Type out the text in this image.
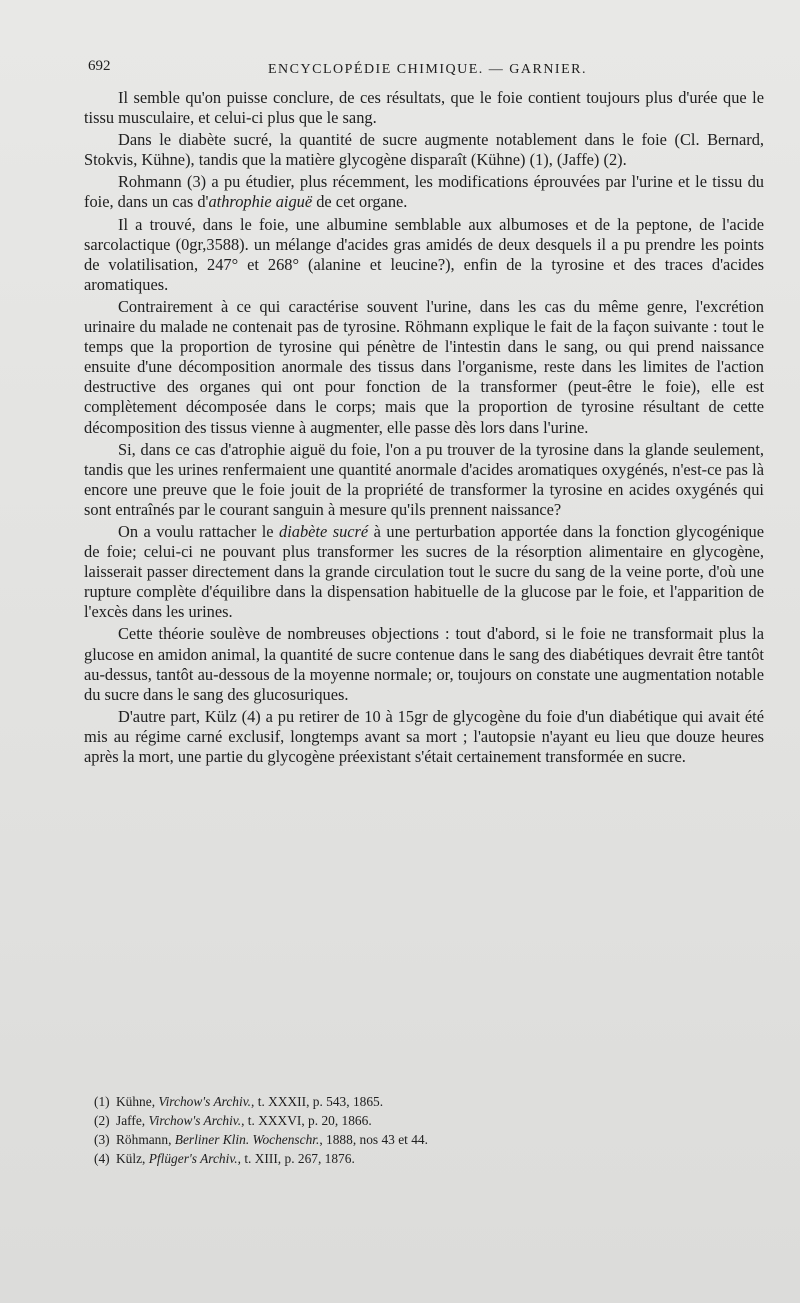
692	ENCYCLOPÉDIE CHIMIQUE. — GARNIER.

Il semble qu'on puisse conclure, de ces résultats, que le foie contient toujours plus d'urée que le tissu musculaire, et celui-ci plus que le sang.

Dans le diabète sucré, la quantité de sucre augmente notablement dans le foie (Cl. Bernard, Stokvis, Kühne), tandis que la matière glycogène disparaît (Kühne) (1), (Jaffe) (2).

Rohmann (3) a pu étudier, plus récemment, les modifications éprouvées par l'urine et le tissu du foie, dans un cas d'athrophie aiguë de cet organe.

Il a trouvé, dans le foie, une albumine semblable aux albumoses et de la peptone, de l'acide sarcolactique (0gr,3588). un mélange d'acides gras amidés de deux desquels il a pu prendre les points de volatilisation, 247° et 268° (alanine et leucine?), enfin de la tyrosine et des traces d'acides aromatiques.

Contrairement à ce qui caractérise souvent l'urine, dans les cas du même genre, l'excrétion urinaire du malade ne contenait pas de tyrosine. Röhmann explique le fait de la façon suivante : tout le temps que la proportion de tyrosine qui pénètre de l'intestin dans le sang, ou qui prend naissance ensuite d'une décomposition anormale des tissus dans l'organisme, reste dans les limites de l'action destructive des organes qui ont pour fonction de la transformer (peut-être le foie), elle est complètement décomposée dans le corps; mais que la proportion de tyrosine résultant de cette décomposition des tissus vienne à augmenter, elle passe dès lors dans l'urine.

Si, dans ce cas d'atrophie aiguë du foie, l'on a pu trouver de la tyrosine dans la glande seulement, tandis que les urines renfermaient une quantité anormale d'acides aromatiques oxygénés, n'est-ce pas là encore une preuve que le foie jouit de la propriété de transformer la tyrosine en acides oxygénés qui sont entraînés par le courant sanguin à mesure qu'ils prennent naissance?

On a voulu rattacher le diabète sucré à une perturbation apportée dans la fonction glycogénique de foie; celui-ci ne pouvant plus transformer les sucres de la résorption alimentaire en glycogène, laisserait passer directement dans la grande circulation tout le sucre du sang de la veine porte, d'où une rupture complète d'équilibre dans la dispensation habituelle de la glucose par le foie, et l'apparition de l'excès dans les urines.

Cette théorie soulève de nombreuses objections : tout d'abord, si le foie ne transformait plus la glucose en amidon animal, la quantité de sucre contenue dans le sang des diabétiques devrait être tantôt au-dessus, tantôt au-dessous de la moyenne normale; or, toujours on constate une augmentation notable du sucre dans le sang des glucosuriques.

D'autre part, Külz (4) a pu retirer de 10 à 15gr de glycogène du foie d'un diabétique qui avait été mis au régime carné exclusif, longtemps avant sa mort ; l'autopsie n'ayant eu lieu que douze heures après la mort, une partie du glycogène préexistant s'était certainement transformée en sucre.

(1) Kühne, Virchow's Archiv., t. XXXII, p. 543, 1865.
(2) Jaffe, Virchow's Archiv., t. XXXVI, p. 20, 1866.
(3) Röhmann, Berliner Klin. Wochenschr., 1888, nos 43 et 44.
(4) Külz, Pflüger's Archiv., t. XIII, p. 267, 1876.
